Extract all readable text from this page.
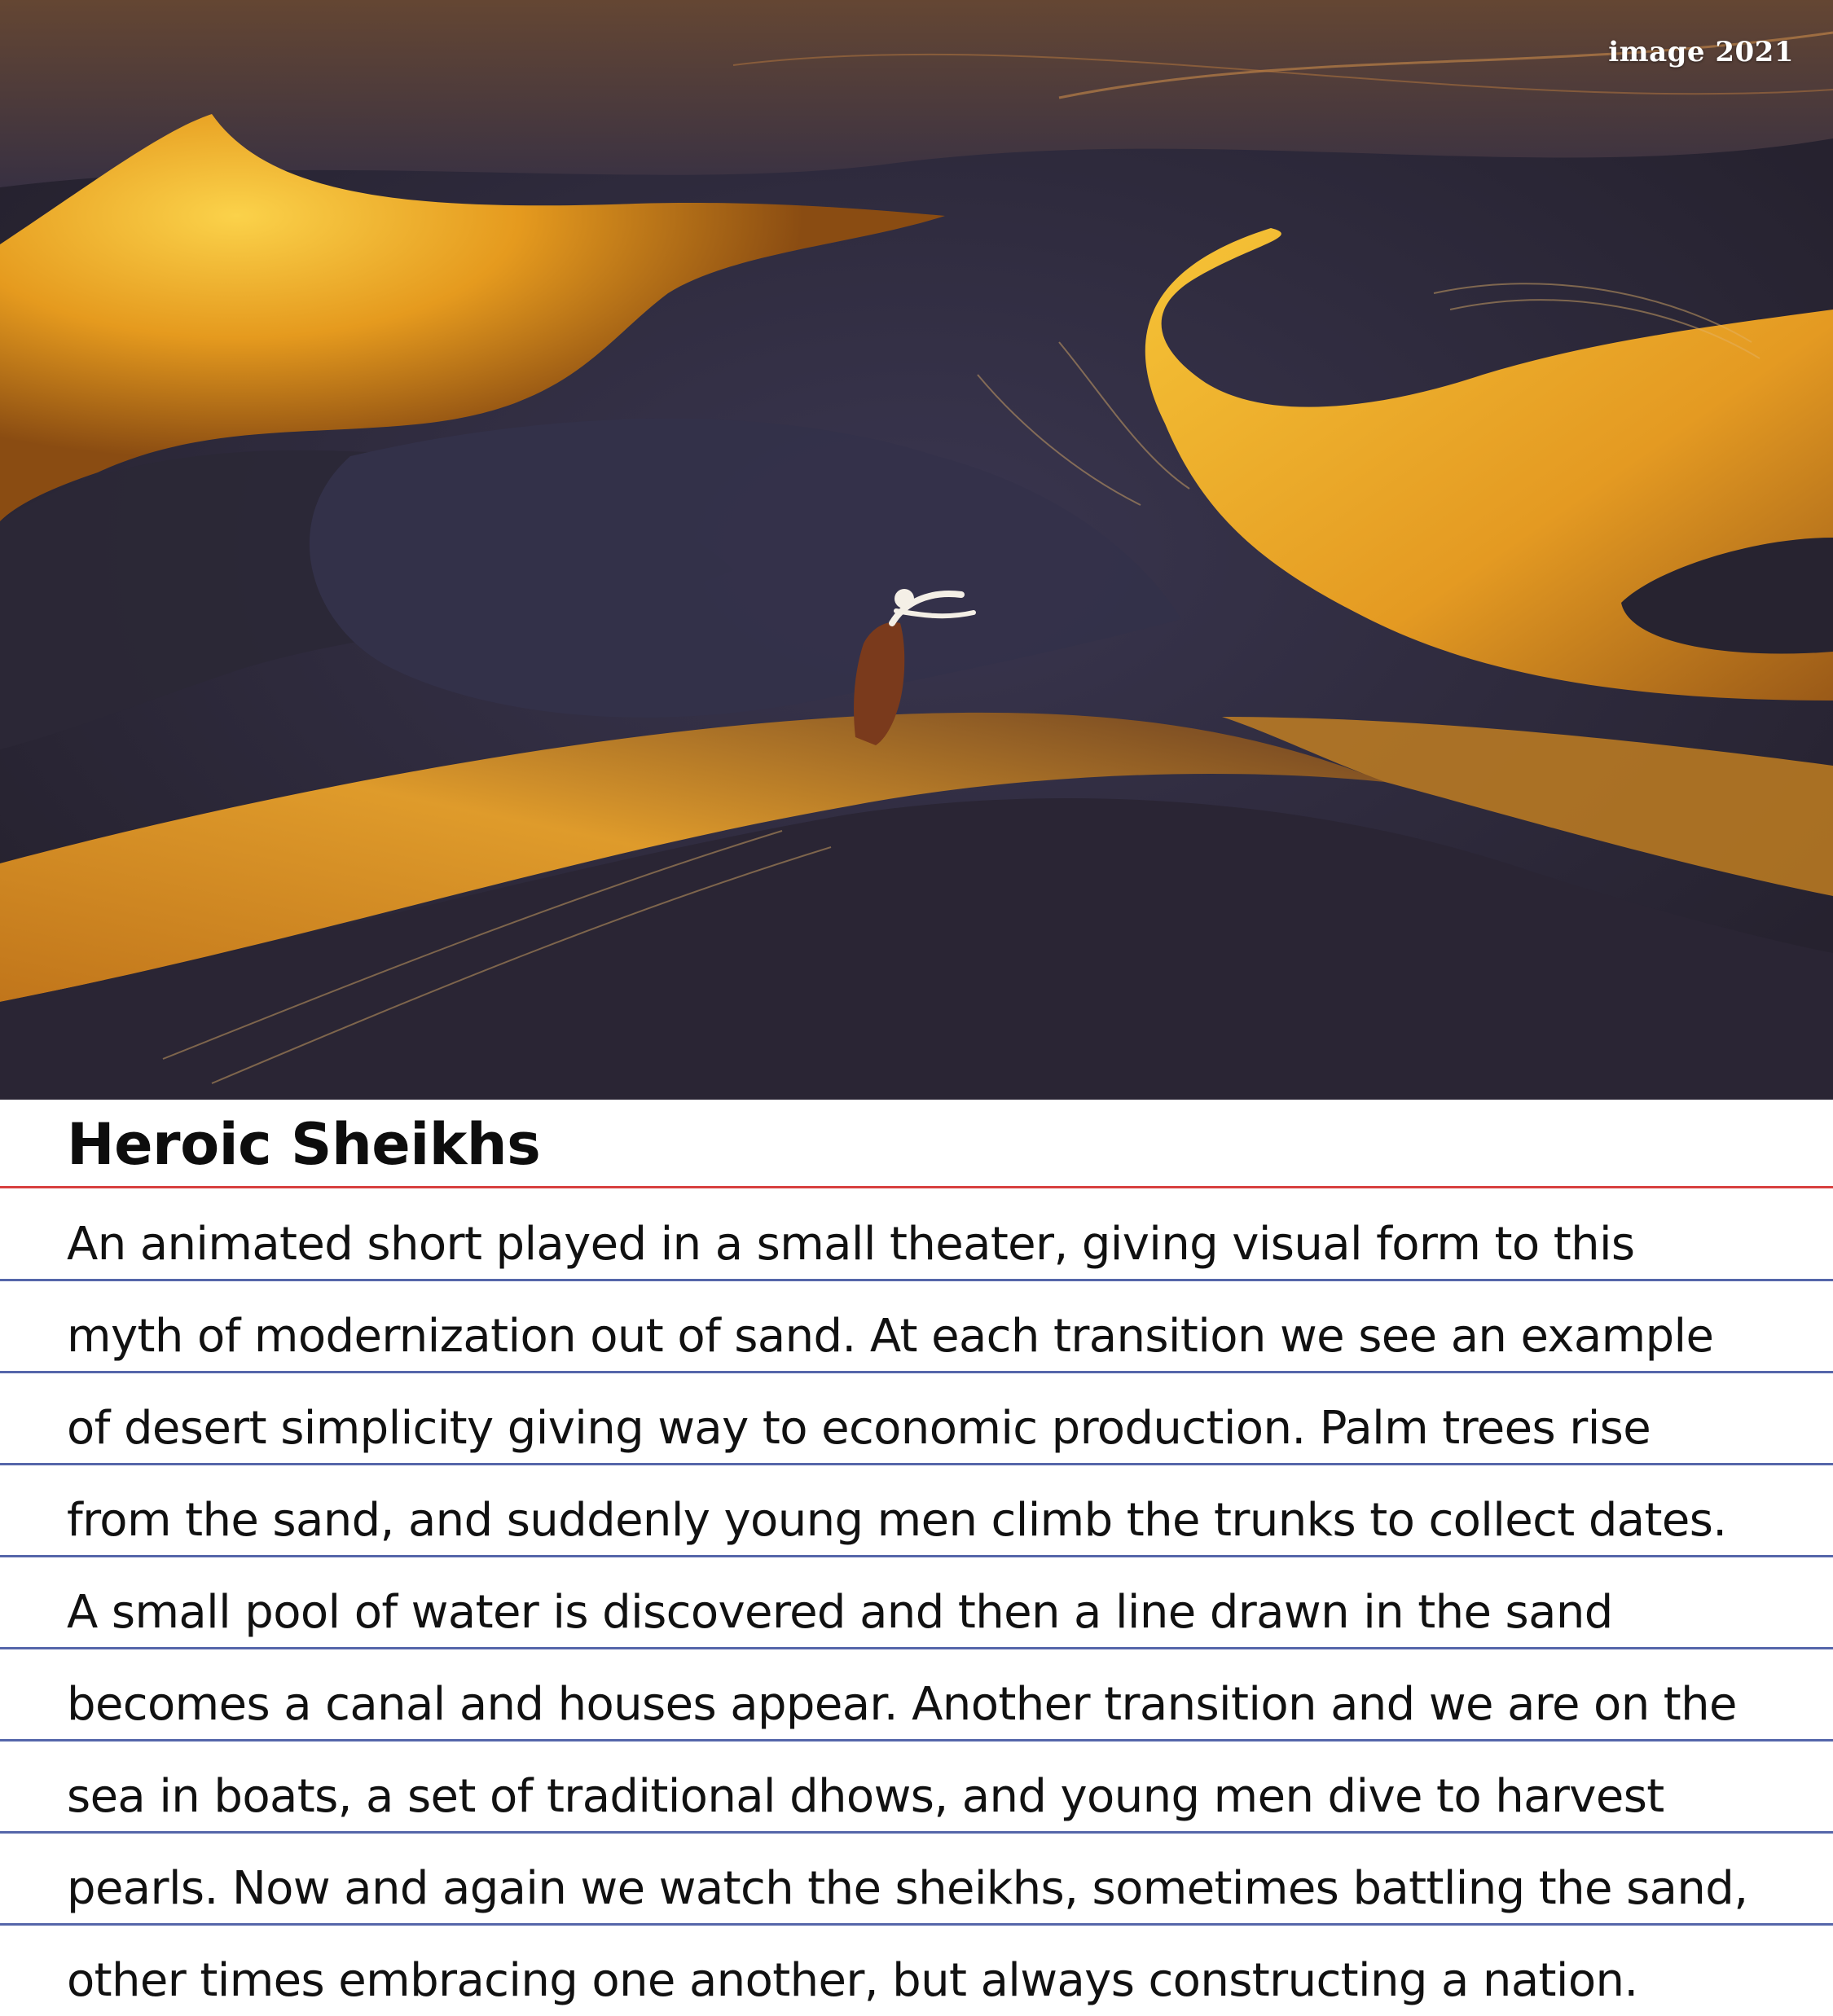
image 2021
Heroic Sheikhs
An animated short played in a small theater, giving visual form to this
myth of modernization out of sand. At each transition we see an example
of desert simplicity giving way to economic production. Palm trees rise
from the sand, and suddenly young men climb the trunks to collect dates.
A small pool of water is discovered and then a line drawn in the sand
becomes a canal and houses appear. Another transition and we are on the
sea in boats, a set of traditional dhows, and young men dive to harvest
pearls. Now and again we watch the sheikhs, sometimes battling the sand,
other times embracing one another, but always constructing a nation.
